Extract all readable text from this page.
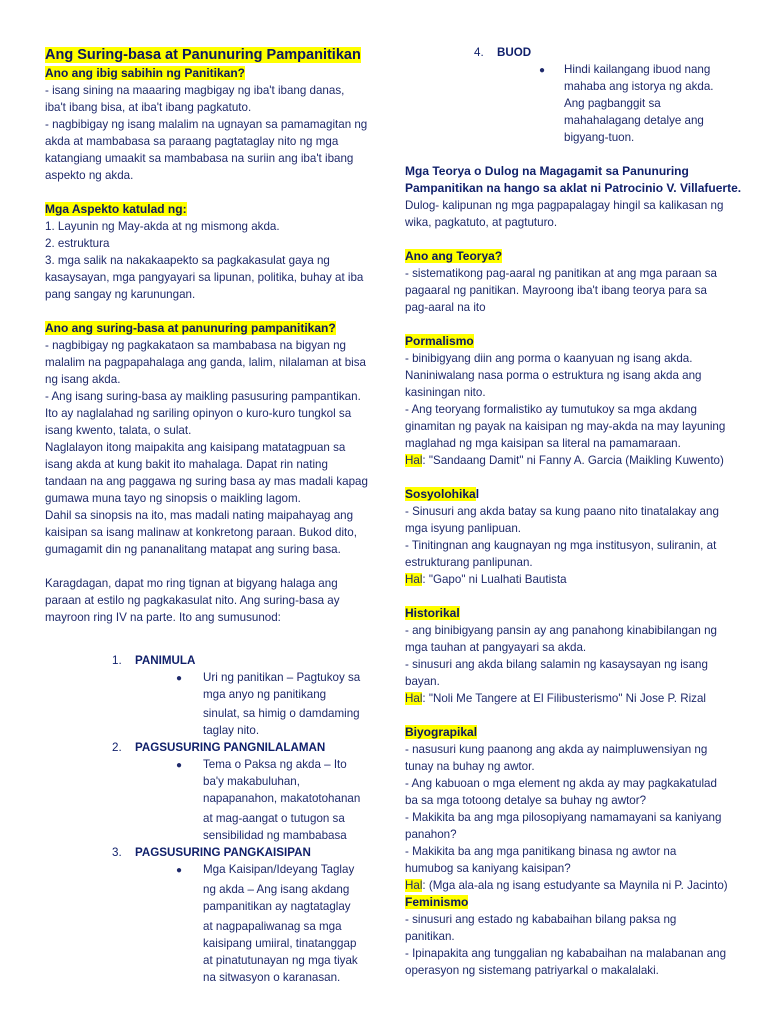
Ang Suring-basa at Panunuring Pampanitikan
Ano ang ibig sabihin ng Panitikan?

- isang sining na maaaring magbigay ng iba't ibang danas,

iba't ibang bisa, at iba't ibang pagkatuto.

- nagbibigay ng isang malalim na ugnayan sa pamamagitan ng

akda at mambabasa sa paraang pagtataglay nito ng mga

katangiang umaakit sa mambabasa na suriin ang iba't ibang

aspekto ng akda.

Mga Aspekto katulad ng:

1. Layunin ng May-akda at ng mismong akda.

2. estruktura

3. mga salik na nakakaapekto sa pagkakasulat gaya ng

kasaysayan, mga pangyayari sa lipunan, politika, buhay at iba

pang sangay ng karunungan.

Ano ang suring-basa at panunuring pampanitikan?

- nagbibigay ng pagkakataon sa mambabasa na bigyan ng

malalim na pagpapahalaga ang ganda, lalim, nilalaman at bisa

ng isang akda.

- Ang isang suring-basa ay maikling pasusuring pampantikan.

Ito ay naglalahad ng sariling opinyon o kuro-kuro tungkol sa

isang kwento, talata, o sulat.

Naglalayon itong maipakita ang kaisipang matatagpuan sa

isang akda at kung bakit ito mahalaga. Dapat rin nating

tandaan na ang paggawa ng suring basa ay mas madali kapag

gumawa muna tayo ng sinopsis o maikling lagom.

Dahil sa sinopsis na ito, mas madali nating maipahayag ang

kaisipan sa isang malinaw at konkretong paraan. Bukod dito,

gumagamit din ng pananalitang matapat ang suring basa.

Karagdagan, dapat mo ring tignan at bigyang halaga ang

paraan at estilo ng pagkakasulat nito. Ang suring-basa ay

mayroon ring IV na parte. Ito ang sumusunod:

1. PANIMULA
● Uri ng panitikan – Pagtukoy sa

mga anyo ng panitikang

sinulat, sa himig o damdaming

taglay nito.

2. PAGSUSURING PANGNILALAMAN
● Tema o Paksa ng akda – Ito

ba'y makabuluhan,

napapanahon, makatotohanan

at mag-aangat o tutugon sa

sensibilidad ng mambabasa

3. PAGSUSURING PANGKAISIPAN
● Mga Kaisipan/Ideyang Taglay

ng akda – Ang isang akdang

pampanitikan ay nagtataglay

at nagpapaliwanag sa mga

kaisipang umiiral, tinatanggap

at pinatutunayan ng mga tiyak

na sitwasyon o karanasan.

4. BUOD
● Hindi kailangang ibuod nang

mahaba ang istorya ng akda.

Ang pagbanggit sa

mahahalagang detalye ang

bigyang-tuon.

Mga Teorya o Dulog na Magagamit sa Panunuring

Pampanitikan na hango sa aklat ni Patrocinio V. Villafuerte.

Dulog- kalipunan ng mga pagpapalagay hingil sa kalikasan ng

wika, pagkatuto, at pagtuturo.

Ano ang Teorya?

- sistematikong pag-aaral ng panitikan at ang mga paraan sa

pagaaral ng panitikan. Mayroong iba't ibang teorya para sa

pag-aaral na ito

Pormalismo

- binibigyang diin ang porma o kaanyuan ng isang akda.

Naniniwalang nasa porma o estruktura ng isang akda ang

kasiningan nito.

- Ang teoryang formalistiko ay tumutukoy sa mga akdang

ginamitan ng payak na kaisipan ng may-akda na may layuning

maglahad ng mga kaisipan sa literal na pamamaraan.

Hal: "Sandaang Damit" ni Fanny A. Garcia (Maikling Kuwento)

Sosyolohikal

- Sinusuri ang akda batay sa kung paano nito tinatalakay ang

mga isyung panlipuan.

- Tinitingnan ang kaugnayan ng mga institusyon, suliranin, at

estrukturang panlipunan.

Hal: "Gapo" ni Lualhati Bautista

Historikal

- ang binibigyang pansin ay ang panahong kinabibilangan ng

mga tauhan at pangyayari sa akda.

- sinusuri ang akda bilang salamin ng kasaysayan ng isang

bayan.

Hal: "Noli Me Tangere at El Filibusterismo" Ni Jose P. Rizal

Biyograpikal

- nasusuri kung paanong ang akda ay naimpluwensiyan ng

tunay na buhay ng awtor.

- Ang kabuoan o mga element ng akda ay may pagkakatulad

ba sa mga totoong detalye sa buhay ng awtor?

- Makikita ba ang mga pilosopiyang namamayani sa kaniyang

panahon?

- Makikita ba ang mga panitikang binasa ng awtor na

humubog sa kaniyang kaisipan?

Hal: (Mga ala-ala ng isang estudyante sa Maynila ni P. Jacinto)

Feminismo

- sinusuri ang estado ng kababaihan bilang paksa ng

panitikan.

- Ipinapakita ang tunggalian ng kababaihan na malabanan ang

operasyon ng sistemang patriyarkal o makalalaki.
